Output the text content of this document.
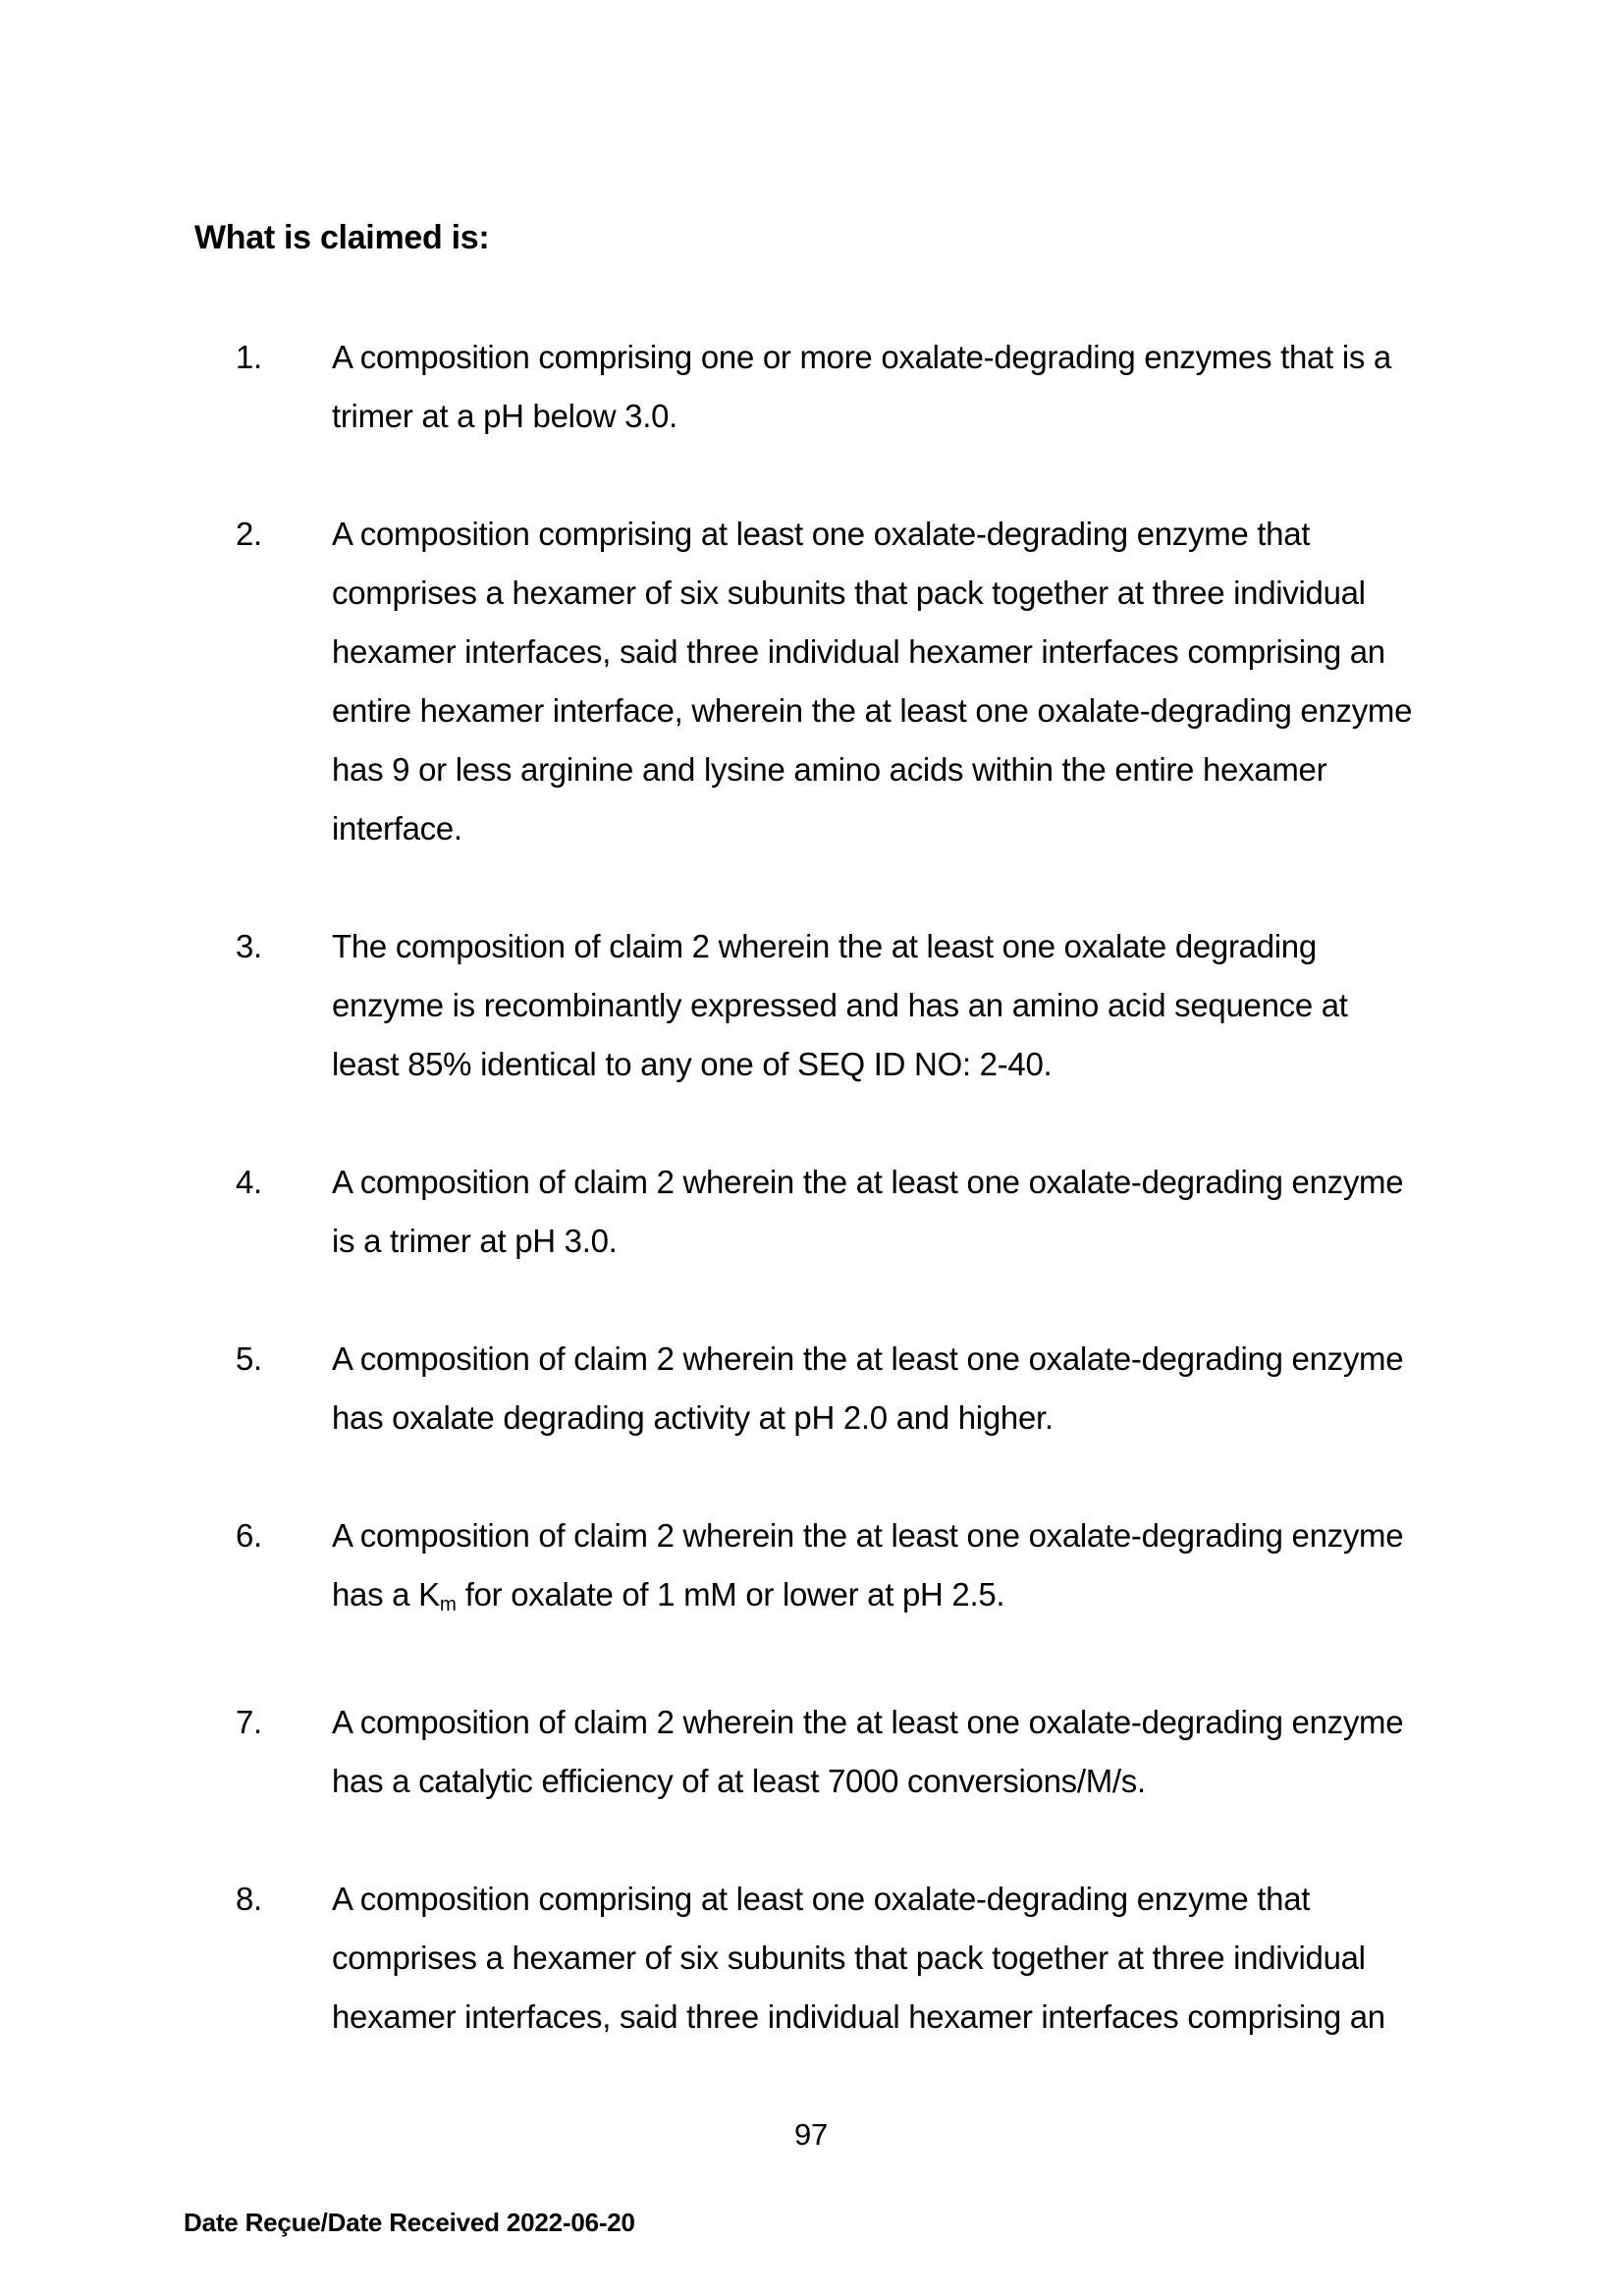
What is claimed is:
1.	A composition comprising one or more oxalate-degrading enzymes that is a
trimer at a pH below 3.0.
2.	A composition comprising at least one oxalate-degrading enzyme that
comprises a hexamer of six subunits that pack together at three individual
hexamer interfaces, said three individual hexamer interfaces comprising an
entire hexamer interface, wherein the at least one oxalate-degrading enzyme
has 9 or less arginine and lysine amino acids within the entire hexamer
interface.
3.	The composition of claim 2 wherein the at least one oxalate degrading
enzyme is recombinantly expressed and has an amino acid sequence at
least 85% identical to any one of SEQ ID NO: 2-40.
4.	A composition of claim 2 wherein the at least one oxalate-degrading enzyme
is a trimer at pH 3.0.
5.	A composition of claim 2 wherein the at least one oxalate-degrading enzyme
has oxalate degrading activity at pH 2.0 and higher.
6.	A composition of claim 2 wherein the at least one oxalate-degrading enzyme
has a $K_m$ for oxalate of 1 mM or lower at pH 2.5.
7.	A composition of claim 2 wherein the at least one oxalate-degrading enzyme
has a catalytic efficiency of at least 7000 conversions/M/s.
8.	A composition comprising at least one oxalate-degrading enzyme that
comprises a hexamer of six subunits that pack together at three individual
hexamer interfaces, said three individual hexamer interfaces comprising an
97
Date Reçue/Date Received 2022-06-20
